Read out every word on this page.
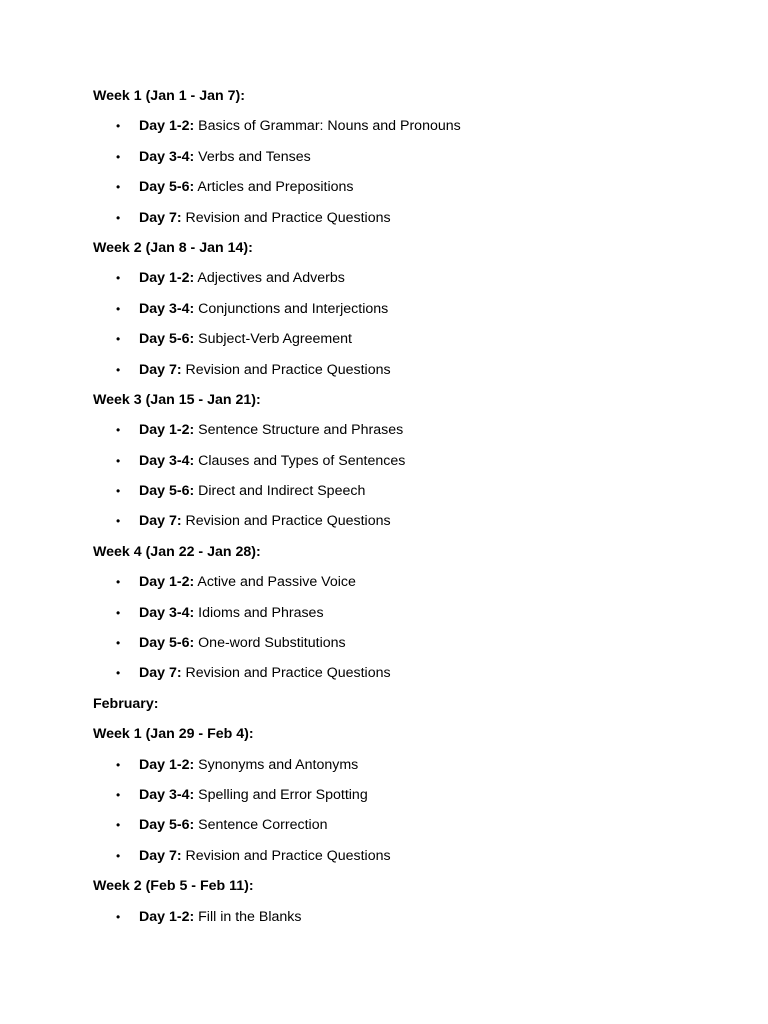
Week 1 (Jan 1 - Jan 7):
• Day 1-2: Basics of Grammar: Nouns and Pronouns
• Day 3-4: Verbs and Tenses
• Day 5-6: Articles and Prepositions
• Day 7: Revision and Practice Questions
Week 2 (Jan 8 - Jan 14):
• Day 1-2: Adjectives and Adverbs
• Day 3-4: Conjunctions and Interjections
• Day 5-6: Subject-Verb Agreement
• Day 7: Revision and Practice Questions
Week 3 (Jan 15 - Jan 21):
• Day 1-2: Sentence Structure and Phrases
• Day 3-4: Clauses and Types of Sentences
• Day 5-6: Direct and Indirect Speech
• Day 7: Revision and Practice Questions
Week 4 (Jan 22 - Jan 28):
• Day 1-2: Active and Passive Voice
• Day 3-4: Idioms and Phrases
• Day 5-6: One-word Substitutions
• Day 7: Revision and Practice Questions
February:
Week 1 (Jan 29 - Feb 4):
• Day 1-2: Synonyms and Antonyms
• Day 3-4: Spelling and Error Spotting
• Day 5-6: Sentence Correction
• Day 7: Revision and Practice Questions
Week 2 (Feb 5 - Feb 11):
• Day 1-2: Fill in the Blanks
